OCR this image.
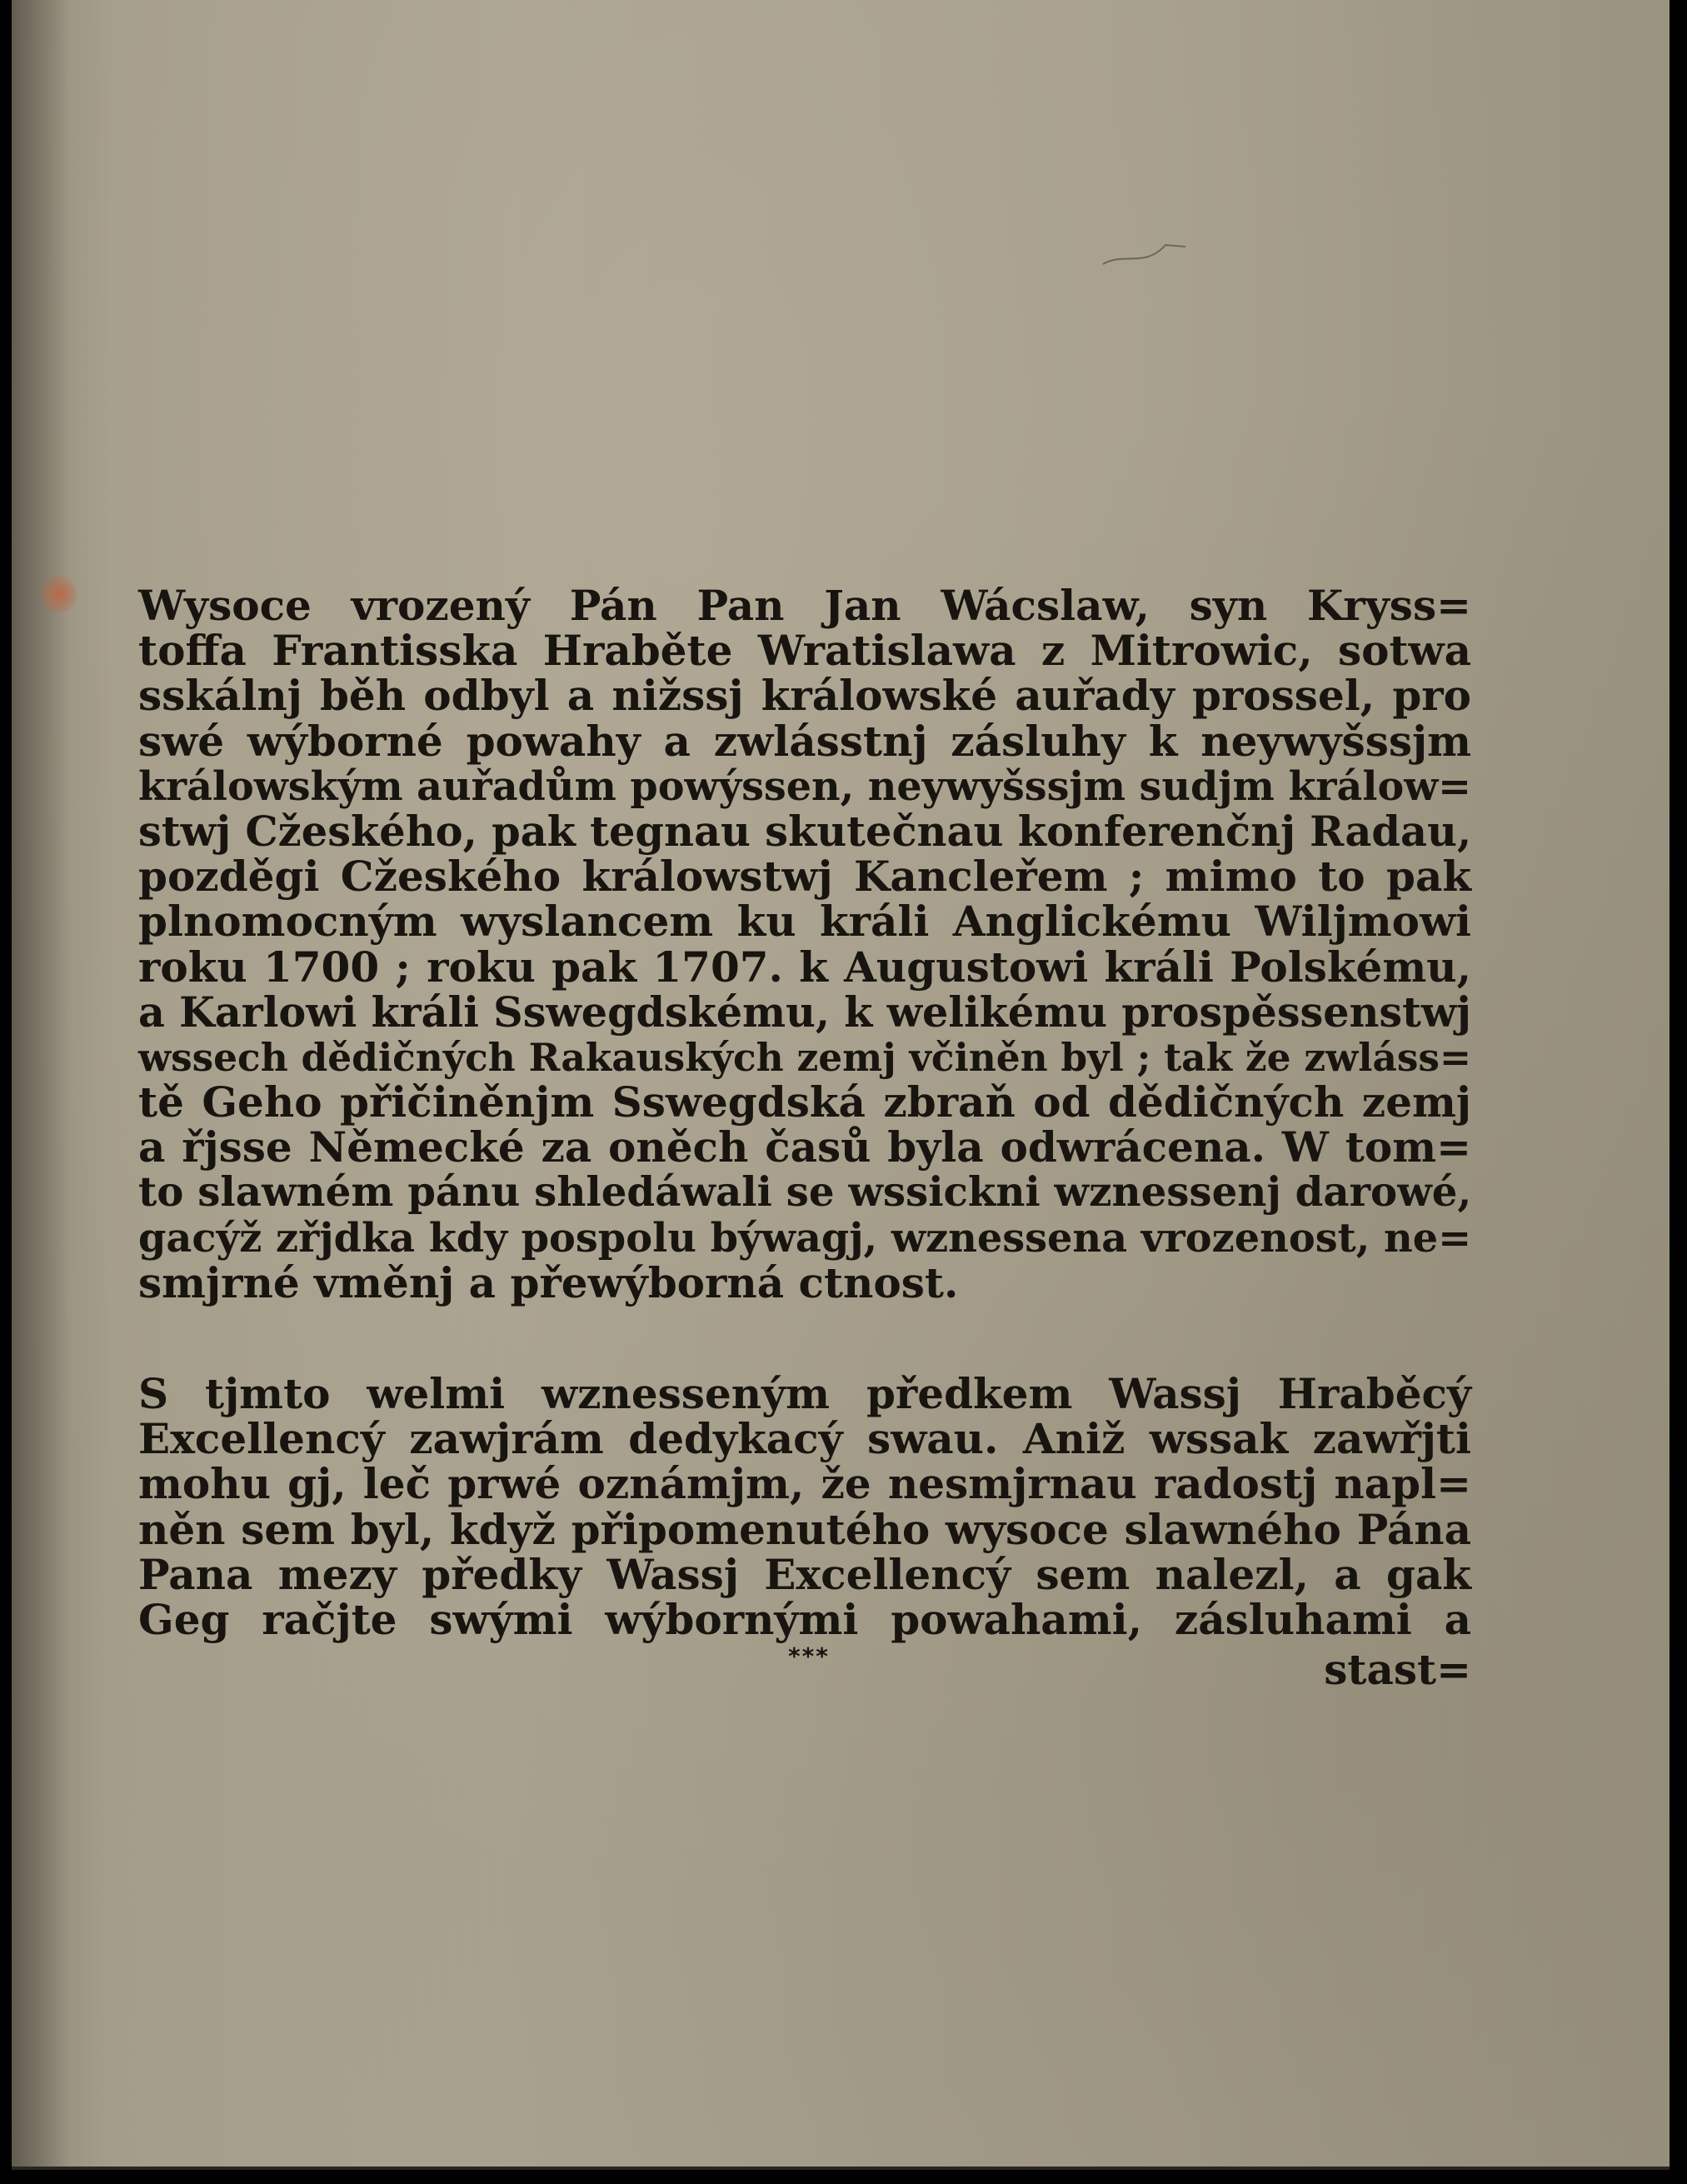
Wysoce vrozený Pán Pan Jan Wácslaw, syn Kryss=
toffa Frantisska Hraběte Wratislawa z Mitrowic, sotwa
sskálnj běh odbyl a nižssj králowské auřady prossel, pro
swé wýborné powahy a zwlásstnj zásluhy k neywyšssjm
králowským auřadům powýssen, neywyšssjm sudjm králow=
stwj Cžeského, pak tegnau skutečnau konferenčnj Radau,
pozděgi Cžeského králowstwj Kanclеřem ; mimo to pak
plnomocným wyslancem ku králi Anglickému Wiljmowi
roku 1700 ; roku pak 1707. k Augustowi králi Polskému,
a Karlowi králi Sswegdskému, k welikému prospěssenstwj
wssech dědičných Rakauských zemj včiněn byl ; tak že zwláss=
tě Geho přičiněnjm Sswegdská zbraň od dědičných zemj
a řjsse Německé za oněch časů byla odwrácena. W tom=
to slawném pánu shledáwali se wssickni wznessenj darowé,
gacýž zřjdka kdy pospolu býwagj, wznessena vrozenost, ne=
smjrné vměnj a přewýborná ctnost.
S tjmto welmi wznesseným předkem Wassj Hraběcý
Excellencý zawjrám dedykacý swau. Aniž wssak zawřjti
mohu gj, leč prwé oznámjm, že nesmjrnau radostj napl=
něn sem byl, když připomenutého wysoce slawného Pána
Pana mezy předky Wassj Excellencý sem nalezl, a gak
Geg račjte swými wýbornými powahami, zásluhami a
***	stast=
